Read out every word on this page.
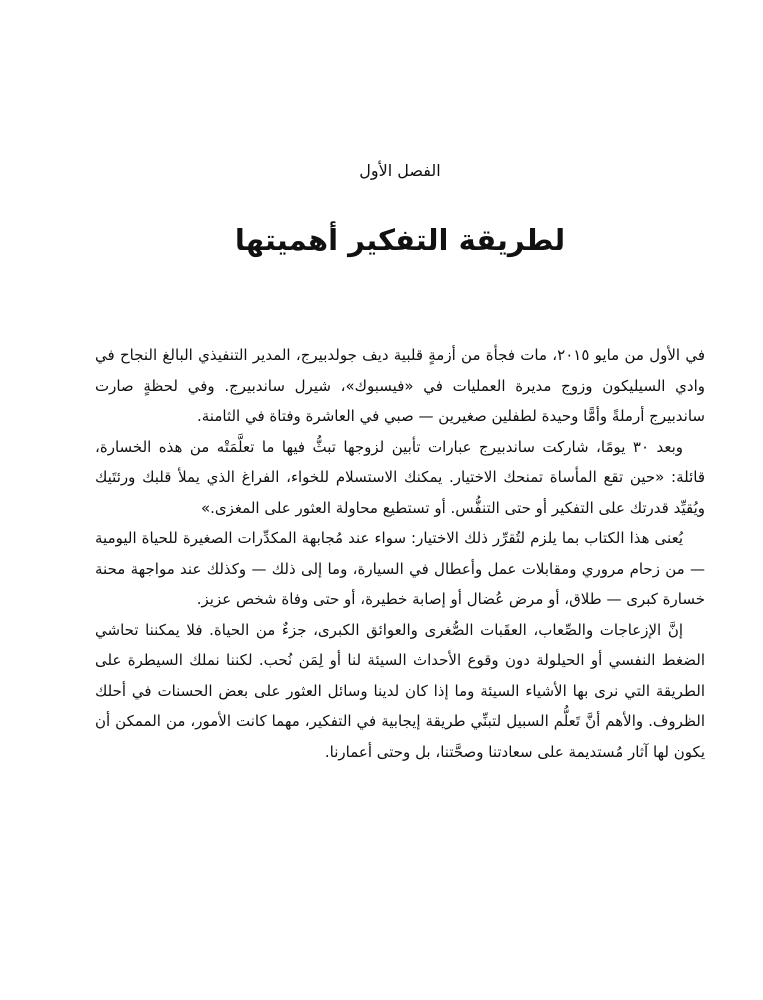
الفصل الأول
لطريقة التفكير أهميتها

في الأول من مايو ٢٠١٥، مات فجأة من أزمةٍ قلبية ديف جولدبيرج، المدير التنفيذي البالغ النجاح في وادي السيليكون وزوج مديرة العمليات في «فيسبوك»، شيرل ساندبيرج. وفي لحظةٍ صارت ساندبيرج أرملةً وأمًّا وحيدة لطفلين صغيرين — صبي في العاشرة وفتاة في الثامنة.

وبعد ٣٠ يومًا، شاركت ساندبيرج عبارات تأبين لزوجها تبثُّ فيها ما تعلَّمَتْه من هذه الخسارة، قائلة: «حين تقع المأساة تمنحك الاختيار. يمكنك الاستسلام للخواء، الفراغ الذي يملأ قلبك ورئتَيك ويُقيِّد قدرتك على التفكير أو حتى التنفُّس. أو تستطيع محاولة العثور على المغزى.»

يُعنى هذا الكتاب بما يلزم لتُقرِّر ذلك الاختيار: سواء عند مُجابهة المكدِّرات الصغيرة للحياة اليومية — من زحام مروري ومقابلات عمل وأعطال في السيارة، وما إلى ذلك — وكذلك عند مواجهة محنة خسارة كبرى — طلاق، أو مرض عُضال أو إصابة خطيرة، أو حتى وفاة شخص عزيز.

إنَّ الإزعاجات والصِّعاب، العقَبات الصُّغرى والعوائق الكبرى، جزءٌ من الحياة. فلا يمكننا تحاشي الضغط النفسي أو الحيلولة دون وقوع الأحداث السيئة لنا أو لِمَن نُحب. لكننا نملك السيطرة على الطريقة التي نرى بها الأشياء السيئة وما إذا كان لدينا وسائل العثور على بعض الحسنات في أحلك الظروف. والأهم أنَّ تَعلُّم السبيل لتبنِّي طريقة إيجابية في التفكير، مهما كانت الأمور، من الممكن أن يكون لها آثار مُستديمة على سعادتنا وصحَّتنا، بل وحتى أعمارنا.
